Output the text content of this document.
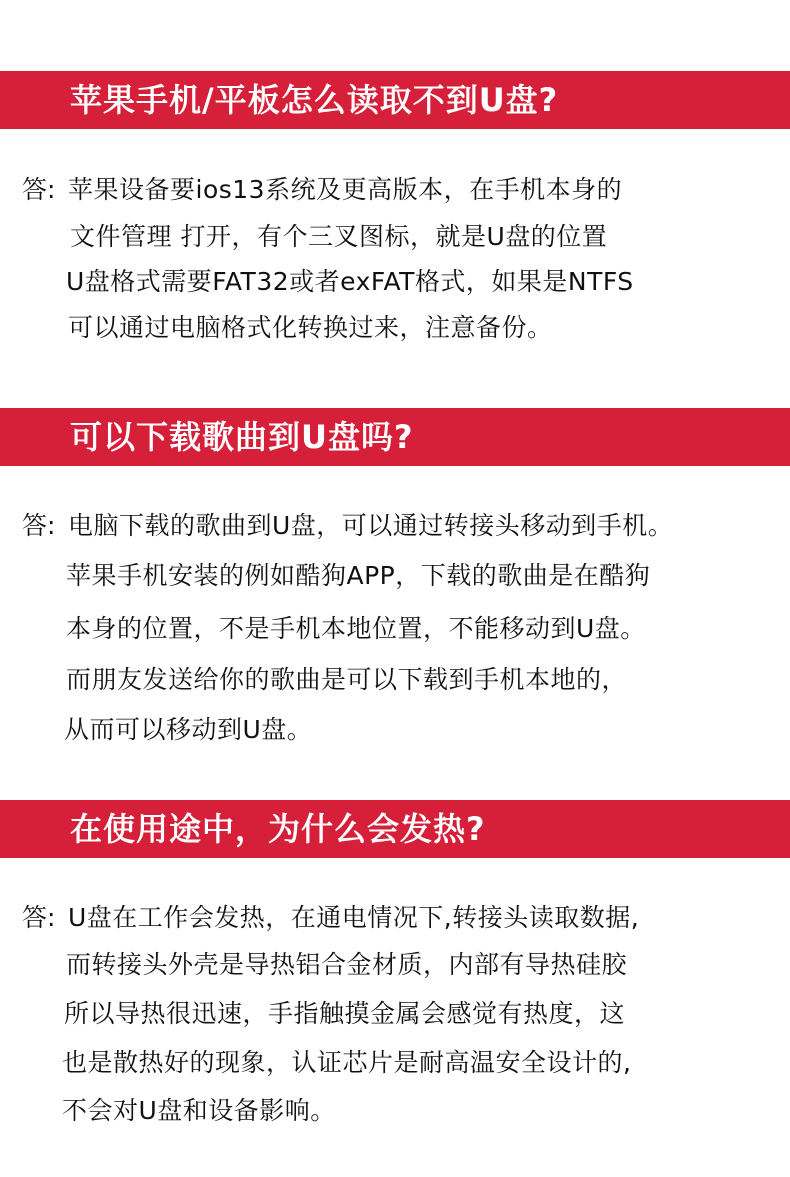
苹果手机/平板怎么读取不到U盘?
答: 苹果设备要ios13系统及更高版本，在手机本身的
文件管理 打开，有个三叉图标，就是U盘的位置
U盘格式需要FAT32或者exFAT格式，如果是NTFS
可以通过电脑格式化转换过来，注意备份。
可以下载歌曲到U盘吗?
答: 电脑下载的歌曲到U盘，可以通过转接头移动到手机。
苹果手机安装的例如酷狗APP，下载的歌曲是在酷狗
本身的位置，不是手机本地位置，不能移动到U盘。
而朋友发送给你的歌曲是可以下载到手机本地的，
从而可以移动到U盘。
在使用途中，为什么会发热?
答: U盘在工作会发热，在通电情况下,转接头读取数据,
而转接头外壳是导热铝合金材质，内部有导热硅胶
所以导热很迅速，手指触摸金属会感觉有热度，这
也是散热好的现象，认证芯片是耐高温安全设计的,
不会对U盘和设备影响。
